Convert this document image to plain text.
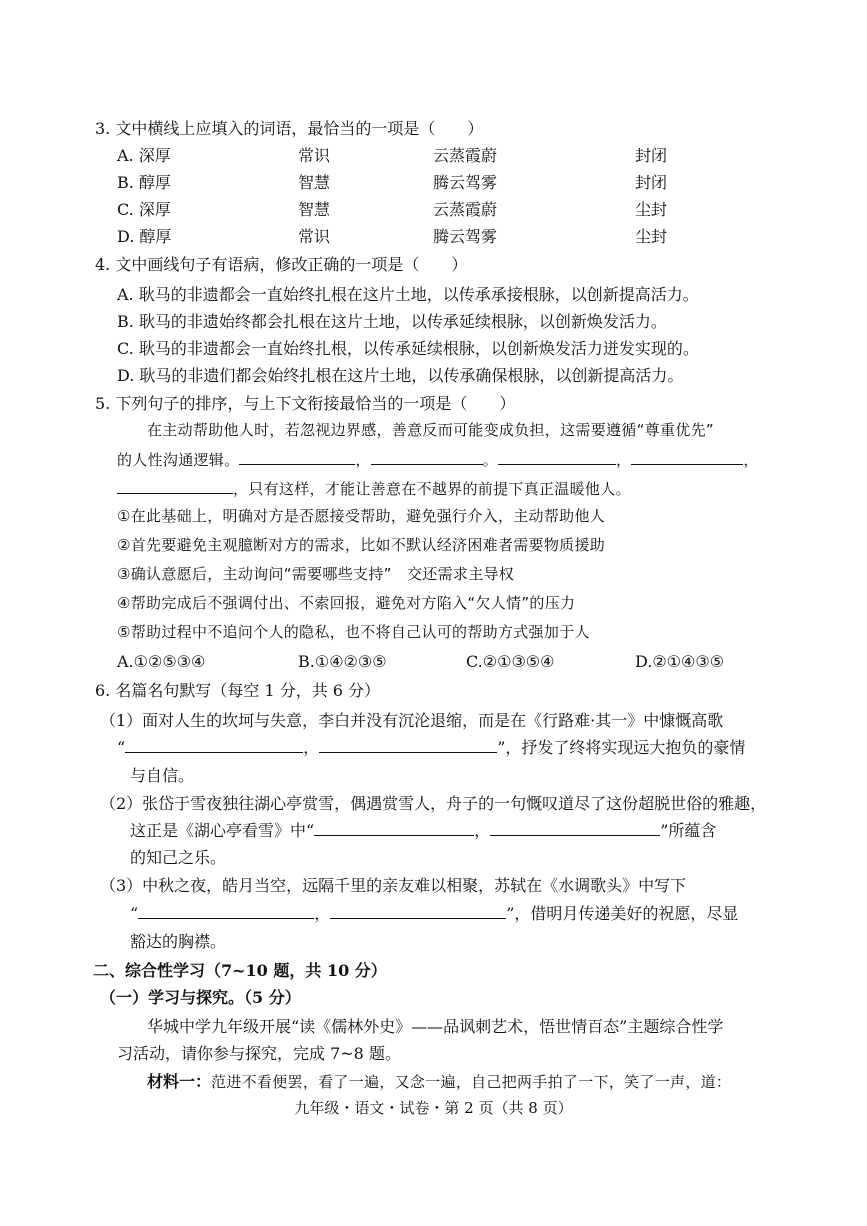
3. 文中横线上应填入的词语，最恰当的一项是（　　）
A. 深厚	常识	云蒸霞蔚	封闭
B. 醇厚	智慧	腾云驾雾	封闭
C. 深厚	智慧	云蒸霞蔚	尘封
D. 醇厚	常识	腾云驾雾	尘封
4. 文中画线句子有语病，修改正确的一项是（　　）
A. 耿马的非遗都会一直始终扎根在这片土地，以传承承接根脉，以创新提高活力。
B. 耿马的非遗始终都会扎根在这片土地，以传承延续根脉，以创新焕发活力。
C. 耿马的非遗都会一直始终扎根，以传承延续根脉，以创新焕发活力迸发实现的。
D. 耿马的非遗们都会始终扎根在这片土地，以传承确保根脉，以创新提高活力。
5. 下列句子的排序，与上下文衔接最恰当的一项是（　　）
在主动帮助他人时，若忽视边界感，善意反而可能变成负担，这需要遵循“尊重优先”
的人性沟通逻辑。	，	。	，	，
，只有这样，才能让善意在不越界的前提下真正温暖他人。
①在此基础上，明确对方是否愿接受帮助，避免强行介入，主动帮助他人
②首先要避免主观臆断对方的需求，比如不默认经济困难者需要物质援助
③确认意愿后，主动询问“需要哪些支持”　交还需求主导权
④帮助完成后不强调付出、不索回报，避免对方陷入“欠人情”的压力
⑤帮助过程中不追问个人的隐私，也不将自己认可的帮助方式强加于人
A.①②⑤③④	B.①④②③⑤	C.②①③⑤④	D.②①④③⑤
6. 名篇名句默写（每空 1 分，共 6 分）
（1）面对人生的坎坷与失意，李白并没有沉沦退缩，而是在《行路难·其一》中慷慨高歌
“	，	”，抒发了终将实现远大抱负的豪情
与自信。
（2）张岱于雪夜独往湖心亭赏雪，偶遇赏雪人，舟子的一句慨叹道尽了这份超脱世俗的雅趣，
这正是《湖心亭看雪》中“	，	”所蕴含
的知己之乐。
（3）中秋之夜，皓月当空，远隔千里的亲友难以相聚，苏轼在《水调歌头》中写下
“	，	”，借明月传递美好的祝愿，尽显
豁达的胸襟。
二、综合性学习（7~10 题，共 10 分）
（一）学习与探究。（5 分）
华城中学九年级开展“读《儒林外史》——品讽刺艺术，悟世情百态”主题综合性学
习活动，请你参与探究，完成 7~8 题。
材料一：范进不看便罢，看了一遍，又念一遍，自己把两手拍了一下，笑了一声，道：
九年级・语文・试卷・第 2 页（共 8 页）
